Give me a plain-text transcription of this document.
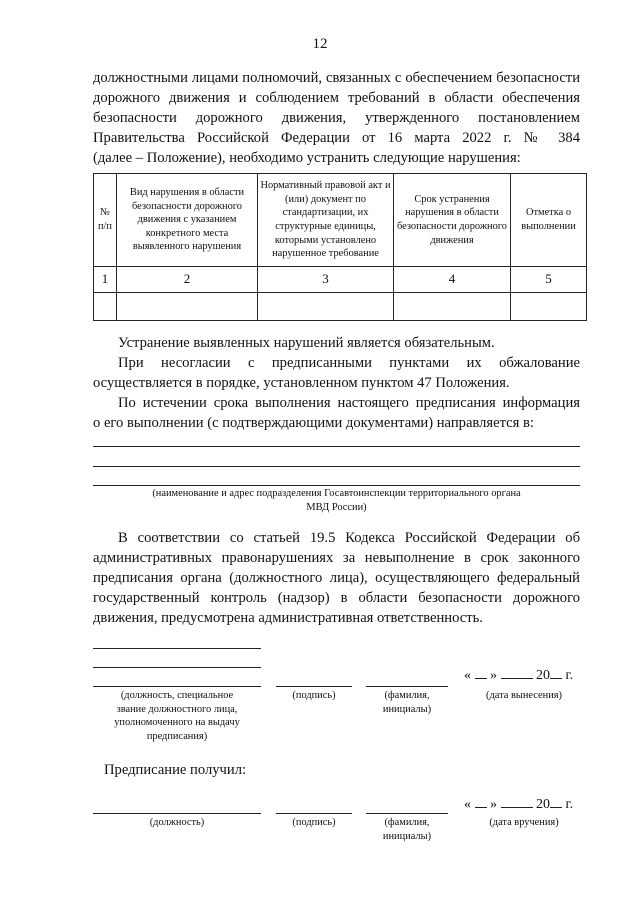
12
должностными лицами полномочий, связанных с обеспечением безопасности
дорожного движения и соблюдением требований в области обеспечения
безопасности дорожного движения, утвержденного постановлением
Правительства Российской Федерации от 16 марта 2022 г. № 384
(далее – Положение), необходимо устранить следующие нарушения:
№ п/п	Вид нарушения в области безопасности дорожного движения с указанием конкретного места выявленного нарушения	Нормативный правовой акт и (или) документ по стандартизации, их структурные единицы, которыми установлено нарушенное требование	Срок устранения нарушения в области безопасности дорожного движения	Отметка о выполнении
1	2	3	4	5

Устранение выявленных нарушений является обязательным.
При несогласии с предписанными пунктами их обжалование
осуществляется в порядке, установленном пунктом 47 Положения.
По истечении срока выполнения настоящего предписания информация
о его выполнении (с подтверждающими документами) направляется в:
(наименование и адрес подразделения Госавтоинспекции территориального органа
МВД России)
В соответствии со статьей 19.5 Кодекса Российской Федерации об
административных правонарушениях за невыполнение в срок законного
предписания органа (должностного лица), осуществляющего федеральный
государственный контроль (надзор) в области безопасности дорожного
движения, предусмотрена административная ответственность.
(должность, специальное
звание должностного лица,
уполномоченного на выдачу
предписания)
(подпись)	(фамилия,
инициалы)
« »	20 г.
(дата вынесения)
Предписание получил:
(должность)	(подпись)	(фамилия,
инициалы)
« »	20 г.
(дата вручения)
